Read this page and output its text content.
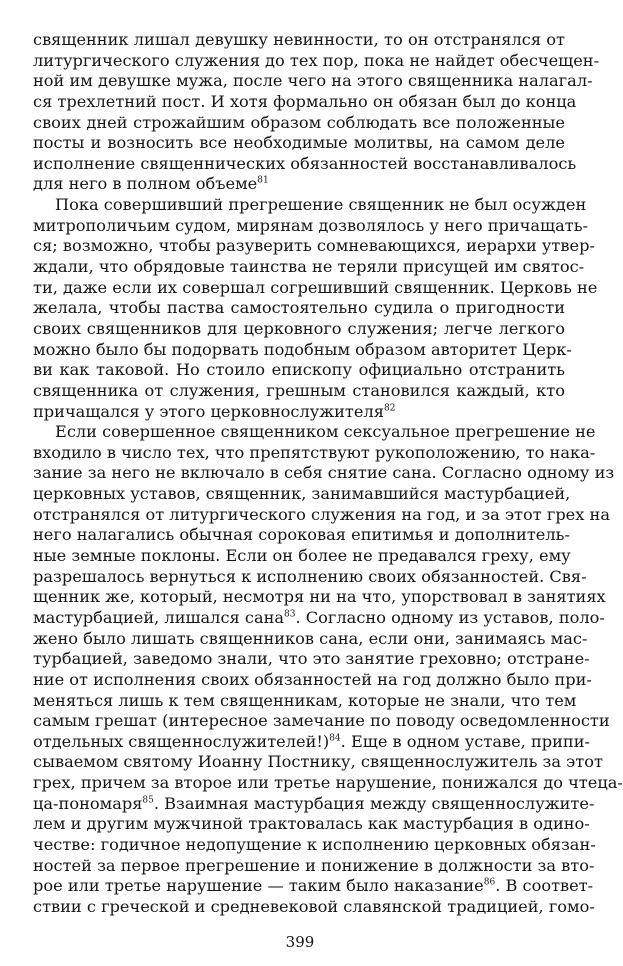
священник лишал девушку невинности, то он отстранялся от
литургического служения до тех пор, пока не найдет обесчещен-
ной им девушке мужа, после чего на этого священника налагал-
ся трехлетний пост. И хотя формально он обязан был до конца
своих дней строжайшим образом соблюдать все положенные
посты и возносить все необходимые молитвы, на самом деле
исполнение священнических обязанностей восстанавливалось
для него в полном объеме$^{81}$
Пока совершивший прегрешение священник не был осужден
митрополичьим судом, мирянам дозволялось у него причащать-
ся; возможно, чтобы разуверить сомневающихся, иерархи утвер-
ждали, что обрядовые таинства не теряли присущей им святос-
ти, даже если их совершал согрешивший священник. Церковь не
желала, чтобы паства самостоятельно судила о пригодности
своих священников для церковного служения; легче легкого
можно было бы подорвать подобным образом авторитет Церк-
ви как таковой. Но стоило епископу официально отстранить
священника от служения, грешным становился каждый, кто
причащался у этого церковнослужителя$^{82}$
Если совершенное священником сексуальное прегрешение не
входило в число тех, что препятствуют рукоположению, то нака-
зание за него не включало в себя снятие сана. Согласно одному из
церковных уставов, священник, занимавшийся мастурбацией,
отстранялся от литургического служения на год, и за этот грех на
него налагались обычная сороковая епитимья и дополнитель-
ные земные поклоны. Если он более не предавался греху, ему
разрешалось вернуться к исполнению своих обязанностей. Свя-
щенник же, который, несмотря ни на что, упорствовал в занятиях
мастурбацией, лишался сана$^{83}$. Согласно одному из уставов, поло-
жено было лишать священников сана, если они, занимаясь мас-
турбацией, заведомо знали, что это занятие греховно; отстране-
ние от исполнения своих обязанностей на год должно было при-
меняться лишь к тем священникам, которые не знали, что тем
самым грешат (интересное замечание по поводу осведомленности
отдельных священнослужителей!)$^{84}$. Еще в одном уставе, припи-
сываемом святому Иоанну Постнику, священнослужитель за этот
грех, причем за второе или третье нарушение, понижался до чтеца-
ца-пономаря$^{85}$. Взаимная мастурбация между священнослужите-
лем и другим мужчиной трактовалась как мастурбация в одино-
честве: годичное недопущение к исполнению церковных обязан-
ностей за первое прегрешение и понижение в должности за вто-
рое или третье нарушение — таким было наказание$^{86}$. В соответ-
ствии с греческой и средневековой славянской традицией, гомо-
399
